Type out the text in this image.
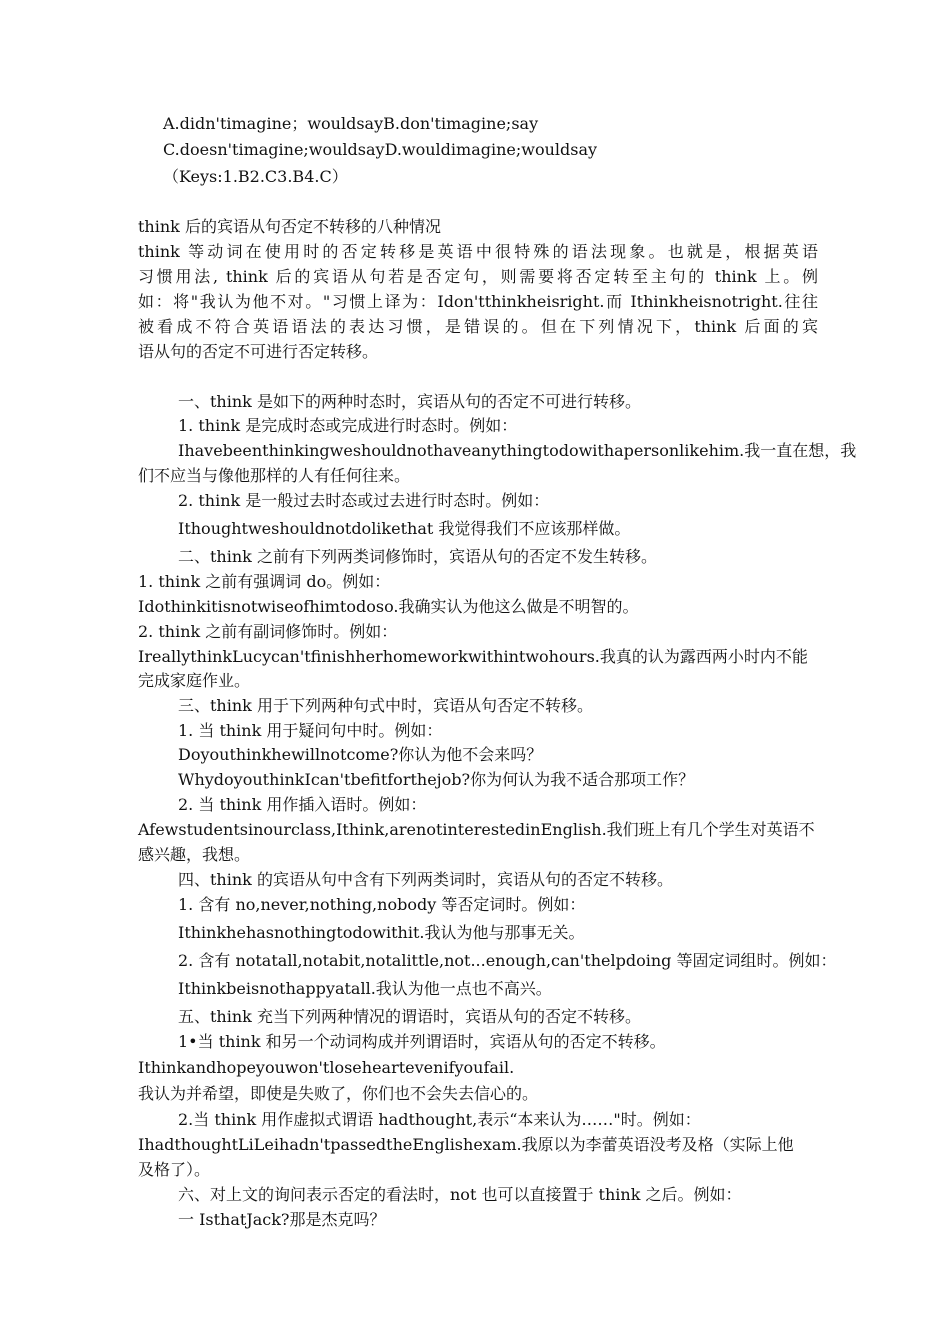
A.didn'timagine；wouldsayB.don'timagine;say
C.doesn'timagine;wouldsayD.wouldimagine;wouldsay
（Keys:1.B2.C3.B4.C）
think 后的宾语从句否定不转移的八种情况
think 等动词在使用时的否定转移是英语中很特殊的语法现象。也就是，根据英语
习惯用法, think 后的宾语从句若是否定句，则需要将否定转至主句的 think 上。例
如：将"我认为他不对。"习惯上译为：Idon'tthinkheisright.而 Ithinkheisnotright.往往
被看成不符合英语语法的表达习惯，是错误的。但在下列情况下，think 后面的宾
语从句的否定不可进行否定转移。
一、think 是如下的两种时态时，宾语从句的否定不可进行转移。
1. think 是完成时态或完成进行时态时。例如：
Ihavebeenthinkingweshouldnothaveanythingtodowithapersonlikehim.我一直在想，我
们不应当与像他那样的人有任何往来。
2. think 是一般过去时态或过去进行时态时。例如：
Ithoughtweshouldnotdolikethat 我觉得我们不应该那样做。
二、think 之前有下列两类词修饰时，宾语从句的否定不发生转移。
1. think 之前有强调词 do。例如：
Idothinkitisnotwiseofhimtodoso.我确实认为他这么做是不明智的。
2. think 之前有副词修饰时。例如：
IreallythinkLucycan'tfinishherhomeworkwithintwohours.我真的认为露西两小时内不能
完成家庭作业。
三、think 用于下列两种句式中时，宾语从句否定不转移。
1. 当 think 用于疑问句中时。例如：
Doyouthinkhewillnotcome?你认为他不会来吗？
WhydoyouthinkIcan'tbefitforthejob?你为何认为我不适合那项工作？
2. 当 think 用作插入语时。例如：
Afewstudentsinourclass,Ithink,arenotinterestedinEnglish.我们班上有几个学生对英语不
感兴趣，我想。
四、think 的宾语从句中含有下列两类词时，宾语从句的否定不转移。
1. 含有 no,never,nothing,nobody 等否定词时。例如：
Ithinkhehasnothingtodowithit.我认为他与那事无关。
2. 含有 notatall,notabit,notalittle,not...enough,can'thelpdoing 等固定词组时。例如：
Ithinkbeisnothappyatall.我认为他一点也不高兴。
五、think 充当下列两种情况的谓语时，宾语从句的否定不转移。
1•当 think 和另一个动词构成并列谓语时，宾语从句的否定不转移。
Ithinkandhopeyouwon'tloseheartevenifyoufail.
我认为并希望，即使是失败了，你们也不会失去信心的。
2.当 think 用作虚拟式谓语 hadthought,表示“本来认为……"时。例如：
IhadthoughtLiLeihadn'tpassedtheEnglishexam.我原以为李蕾英语没考及格（实际上他
及格了）。
六、对上文的询问表示否定的看法时，not 也可以直接置于 think 之后。例如：
一 IsthatJack?那是杰克吗？
